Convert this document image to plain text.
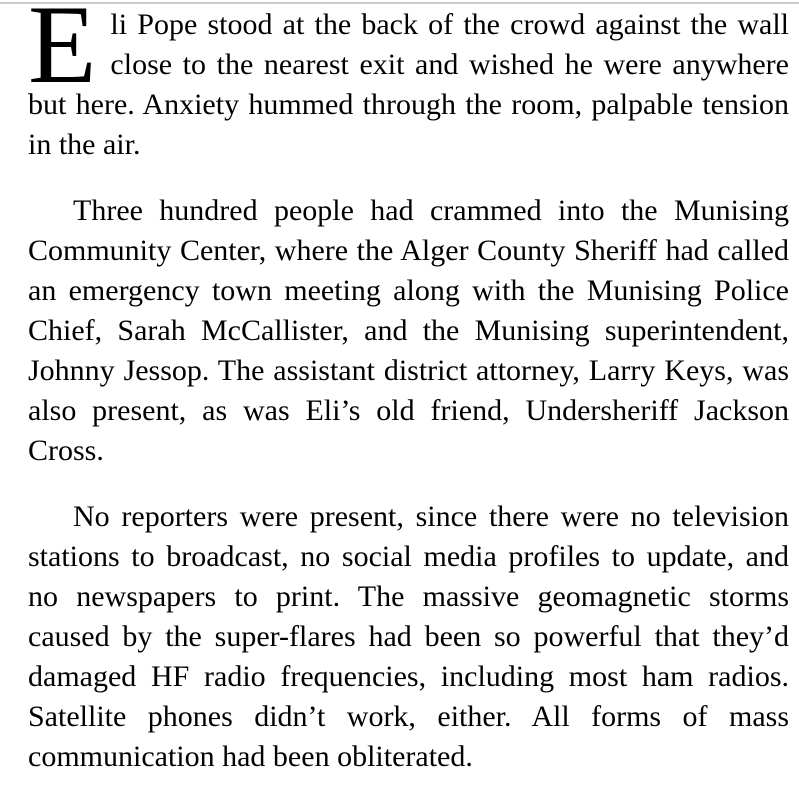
Eli Pope stood at the back of the crowd against the wall close to the nearest exit and wished he were anywhere but here. Anxiety hummed through the room, palpable tension in the air.

Three hundred people had crammed into the Munising Community Center, where the Alger County Sheriff had called an emergency town meeting along with the Munising Police Chief, Sarah McCallister, and the Munising superintendent, Johnny Jessop. The assistant district attorney, Larry Keys, was also present, as was Eli’s old friend, Undersheriff Jackson Cross.

No reporters were present, since there were no television stations to broadcast, no social media profiles to update, and no newspapers to print. The massive geomagnetic storms caused by the super-flares had been so powerful that they’d damaged HF radio frequencies, including most ham radios. Satellite phones didn’t work, either. All forms of mass communication had been obliterated.
